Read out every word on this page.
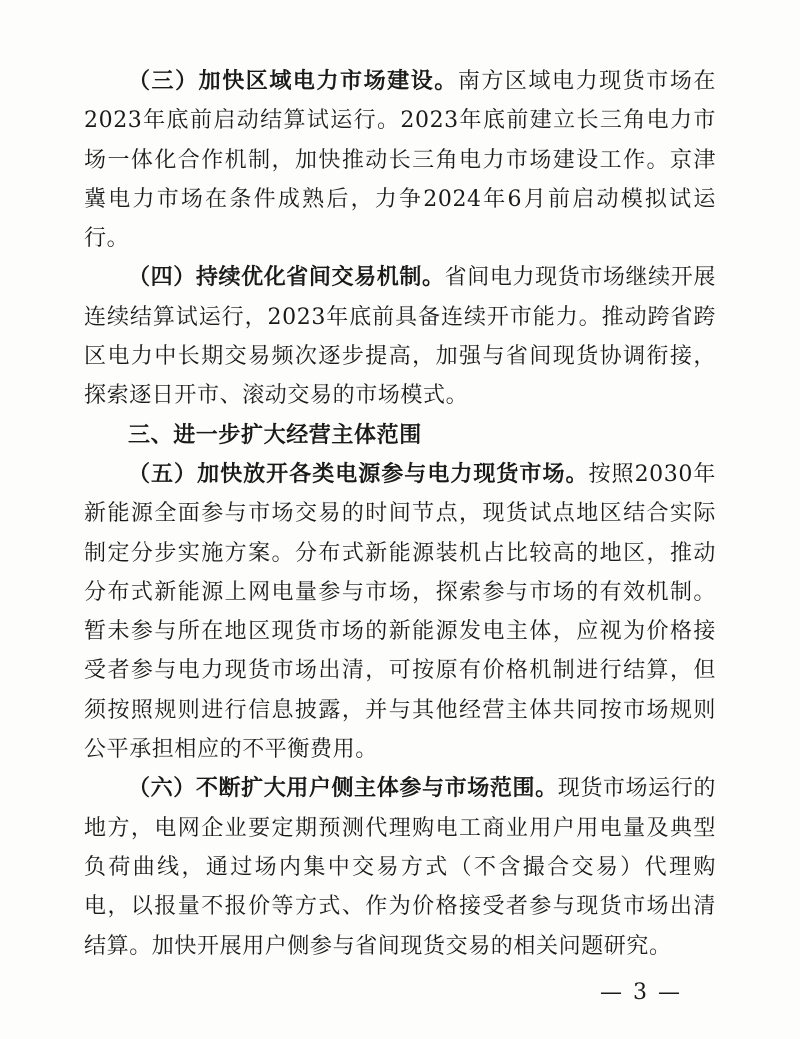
（三）加快区域电力市场建设。南方区域电力现货市场在2023年底前启动结算试运行。2023年底前建立长三角电力市场一体化合作机制，加快推动长三角电力市场建设工作。京津冀电力市场在条件成熟后，力争2024年6月前启动模拟试运行。

（四）持续优化省间交易机制。省间电力现货市场继续开展连续结算试运行，2023年底前具备连续开市能力。推动跨省跨区电力中长期交易频次逐步提高，加强与省间现货协调衔接，探索逐日开市、滚动交易的市场模式。

三、进一步扩大经营主体范围

（五）加快放开各类电源参与电力现货市场。按照2030年新能源全面参与市场交易的时间节点，现货试点地区结合实际制定分步实施方案。分布式新能源装机占比较高的地区，推动分布式新能源上网电量参与市场，探索参与市场的有效机制。暂未参与所在地区现货市场的新能源发电主体，应视为价格接受者参与电力现货市场出清，可按原有价格机制进行结算，但须按照规则进行信息披露，并与其他经营主体共同按市场规则公平承担相应的不平衡费用。

（六）不断扩大用户侧主体参与市场范围。现货市场运行的地方，电网企业要定期预测代理购电工商业用户用电量及典型负荷曲线，通过场内集中交易方式（不含撮合交易）代理购电，以报量不报价等方式、作为价格接受者参与现货市场出清结算。加快开展用户侧参与省间现货交易的相关问题研究。

— 3 —
